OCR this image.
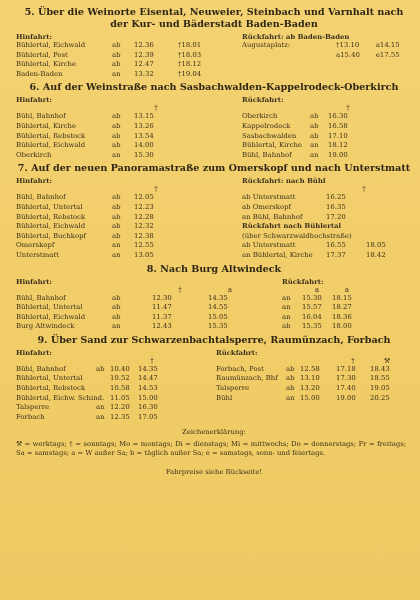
5. Über die Weinorte Eisental, Neuweier, Steinbach und Varnhalt nach der Kur- und Bäderstadt Baden-Baden
Hinfahrt:
Bühlertal, Eichwald	ab	12.36	†18.01
Bühlertal, Post	ab	12.39	†18.03
Bühlertal, Kirche	ab	12.47	†18.12
Baden-Baden	an	13.32	†19.04
Rückfahrt: ab Baden-Baden
Augustaplatz:	†13.10	a14.15
a15.40	e17.55
6. Auf der Weinstraße nach Sasbachwalden-Kappelrodeck-Oberkirch
Hinfahrt:
†
Bühl, Bahnhof	ab	13.15
Bühlertal, Kirche	ab	13.26
Bühlertal, Rebstock	ab	13.54
Bühlertal, Eichwald	ab	14.00
Oberkirch	an	15.30
Rückfahrt:
†
Oberkirch	ab	16.30
Kappelrodeck	ab	16.58
Sasbachwalden	ab	17.10
Bühlertal, Kirche	an	18.12
Bühl, Bahnhof	an	19.00
7. Auf der neuen Panoramastraße zum Omerskopf und nach Unterstmatt
Hinfahrt:
†
Bühl, Bahnhof	ab	12.05
Bühlertal, Untertal	ab	12.23
Bühlertal, Rebstock	ab	12.28
Bühlertal, Eichwald	ab	12.32
Bühlertal, Buchkopf	ab	12.38
Omerskopf	an	12.55
Unterstmatt	an	13.05
Rückfahrt: nach Bühl
†
ab Unterstmatt	16.25
ab Omerskopf	16.35
an Bühl, Bahnhof	17.20
Rückfahrt nach Bühlertal
(über Schwarzwaldhochstraße)
ab Unterstmatt	16.55	18.05
an Bühlertal, Kirche	17.37	18.42
8. Nach Burg Altwindeck
Hinfahrt:
†	a
Bühl, Bahnhof	ab	12.30	14.35
Bühlertal, Untertal	ab	11.47	14.55
Bühlertal, Eichwald	ab	11.37	15.05
Burg Altwindeck	an	12.43	15.35
Rückfahrt:
a	a
an	15.30	18.15
an	15.57	18.27
an	16.04	18.36
ab	15.35	18.00
9. Über Sand zur Schwarzenbachtalsperre, Raumünzach, Forbach
Hinfahrt:
†
Bühl, Bahnhof	ab 10.40	14.35
Bühlertal, Untertal	10.52	14.47
Bühlertal, Rebstock	10.58	14.53
Bühlertal, Eichw. Schind. 11.05	15.00
Talsperre	an 12.20	16.30
Forbach	an 12.35	17.05
Rückfahrt:
†	⚒
Forbach, Post	ab 12.58	17.18	18.43
Raumünzach, Bhf	ab 13.10	17.30	18.55
Talsperre	ab 13.20	17.40	19.05
Bühl	an 15.00	19.00	20.25
Zeichenerklärung:
⚒ = werktags; † = sonntags; Mo = montags; Di = dienstags; Mi = mittwochs; Do = donnerstags; Fr = freitags; Sa = samstags; a = W außer Sa; b = täglich außer Sa; e = samstags, sonn- und feiertags.
Fahrpreise siehe Rückseite!
